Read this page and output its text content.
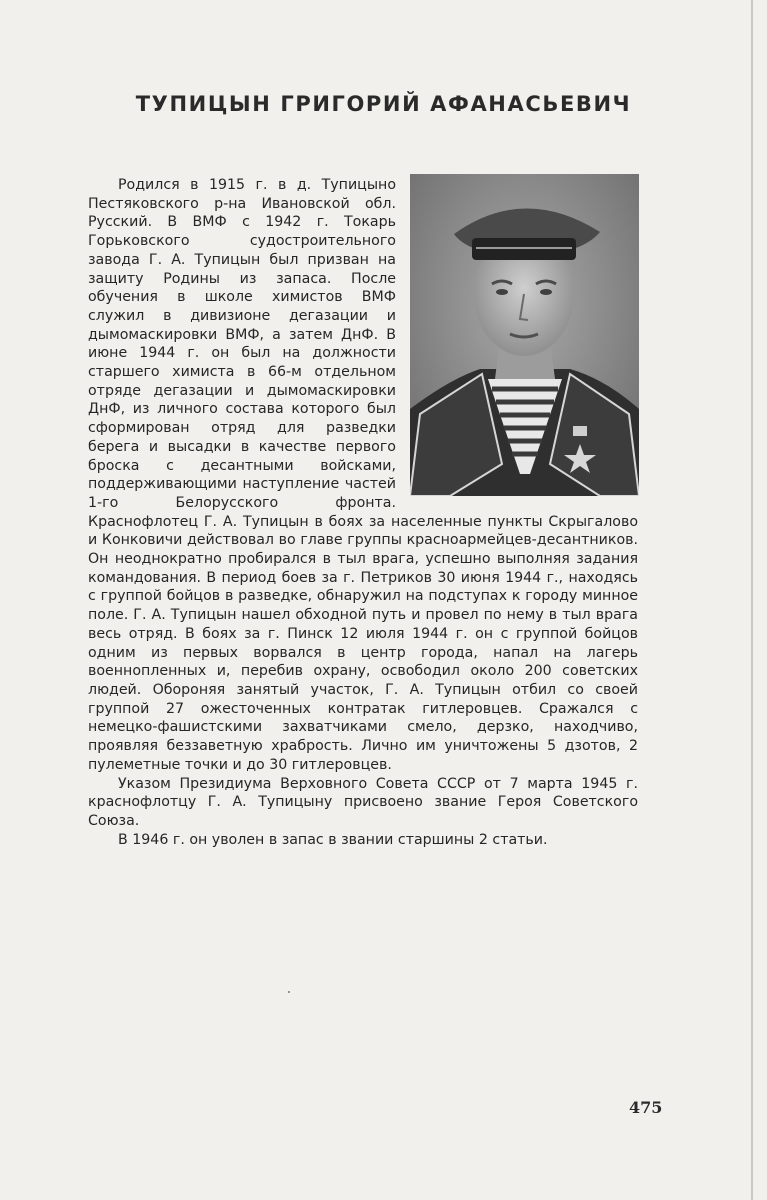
ТУПИЦЫН ГРИГОРИЙ АФАНАСЬЕВИЧ

Родился в 1915 г. в д. Тупицыно Пестяковского р-на Ивановской обл. Русский. В ВМФ с 1942 г. Токарь Горьковского судостроительного завода Г. А. Тупицын был призван на защиту Родины из запаса. После обучения в школе химистов ВМФ служил в дивизионе дегазации и дымомаскировки ВМФ, а затем ДнФ. В июне 1944 г. он был на должности старшего химиста в 66-м отдельном отряде дегазации и дымомаскировки ДнФ, из личного состава которого был сформирован отряд для разведки берега и высадки в качестве первого броска с десантными войсками, поддерживающими наступление частей 1-го Белорусского фронта. Краснофлотец Г. А. Тупицын в боях за населенные пункты Скрыгалово и Конковичи действовал во главе группы красноармейцев-десантников. Он неоднократно пробирался в тыл врага, успешно выполняя задания командования. В период боев за г. Петриков 30 июня 1944 г., находясь с группой бойцов в разведке, обнаружил на подступах к городу минное поле. Г. А. Тупицын нашел обходной путь и провел по нему в тыл врага весь отряд. В боях за г. Пинск 12 июля 1944 г. он с группой бойцов одним из первых ворвался в центр города, напал на лагерь военнопленных и, перебив охрану, освободил около 200 советских людей. Обороняя занятый участок, Г. А. Тупицын отбил со своей группой 27 ожесточенных контратак гитлеровцев. Сражался с немецко-фашистскими захватчиками смело, дерзко, находчиво, проявляя беззаветную храбрость. Лично им уничтожены 5 дзотов, 2 пулеметные точки и до 30 гитлеровцев.

Указом Президиума Верховного Совета СССР от 7 марта 1945 г. краснофлотцу Г. А. Тупицыну присвоено звание Героя Советского Союза.

В 1946 г. он уволен в запас в звании старшины 2 статьи.

475
